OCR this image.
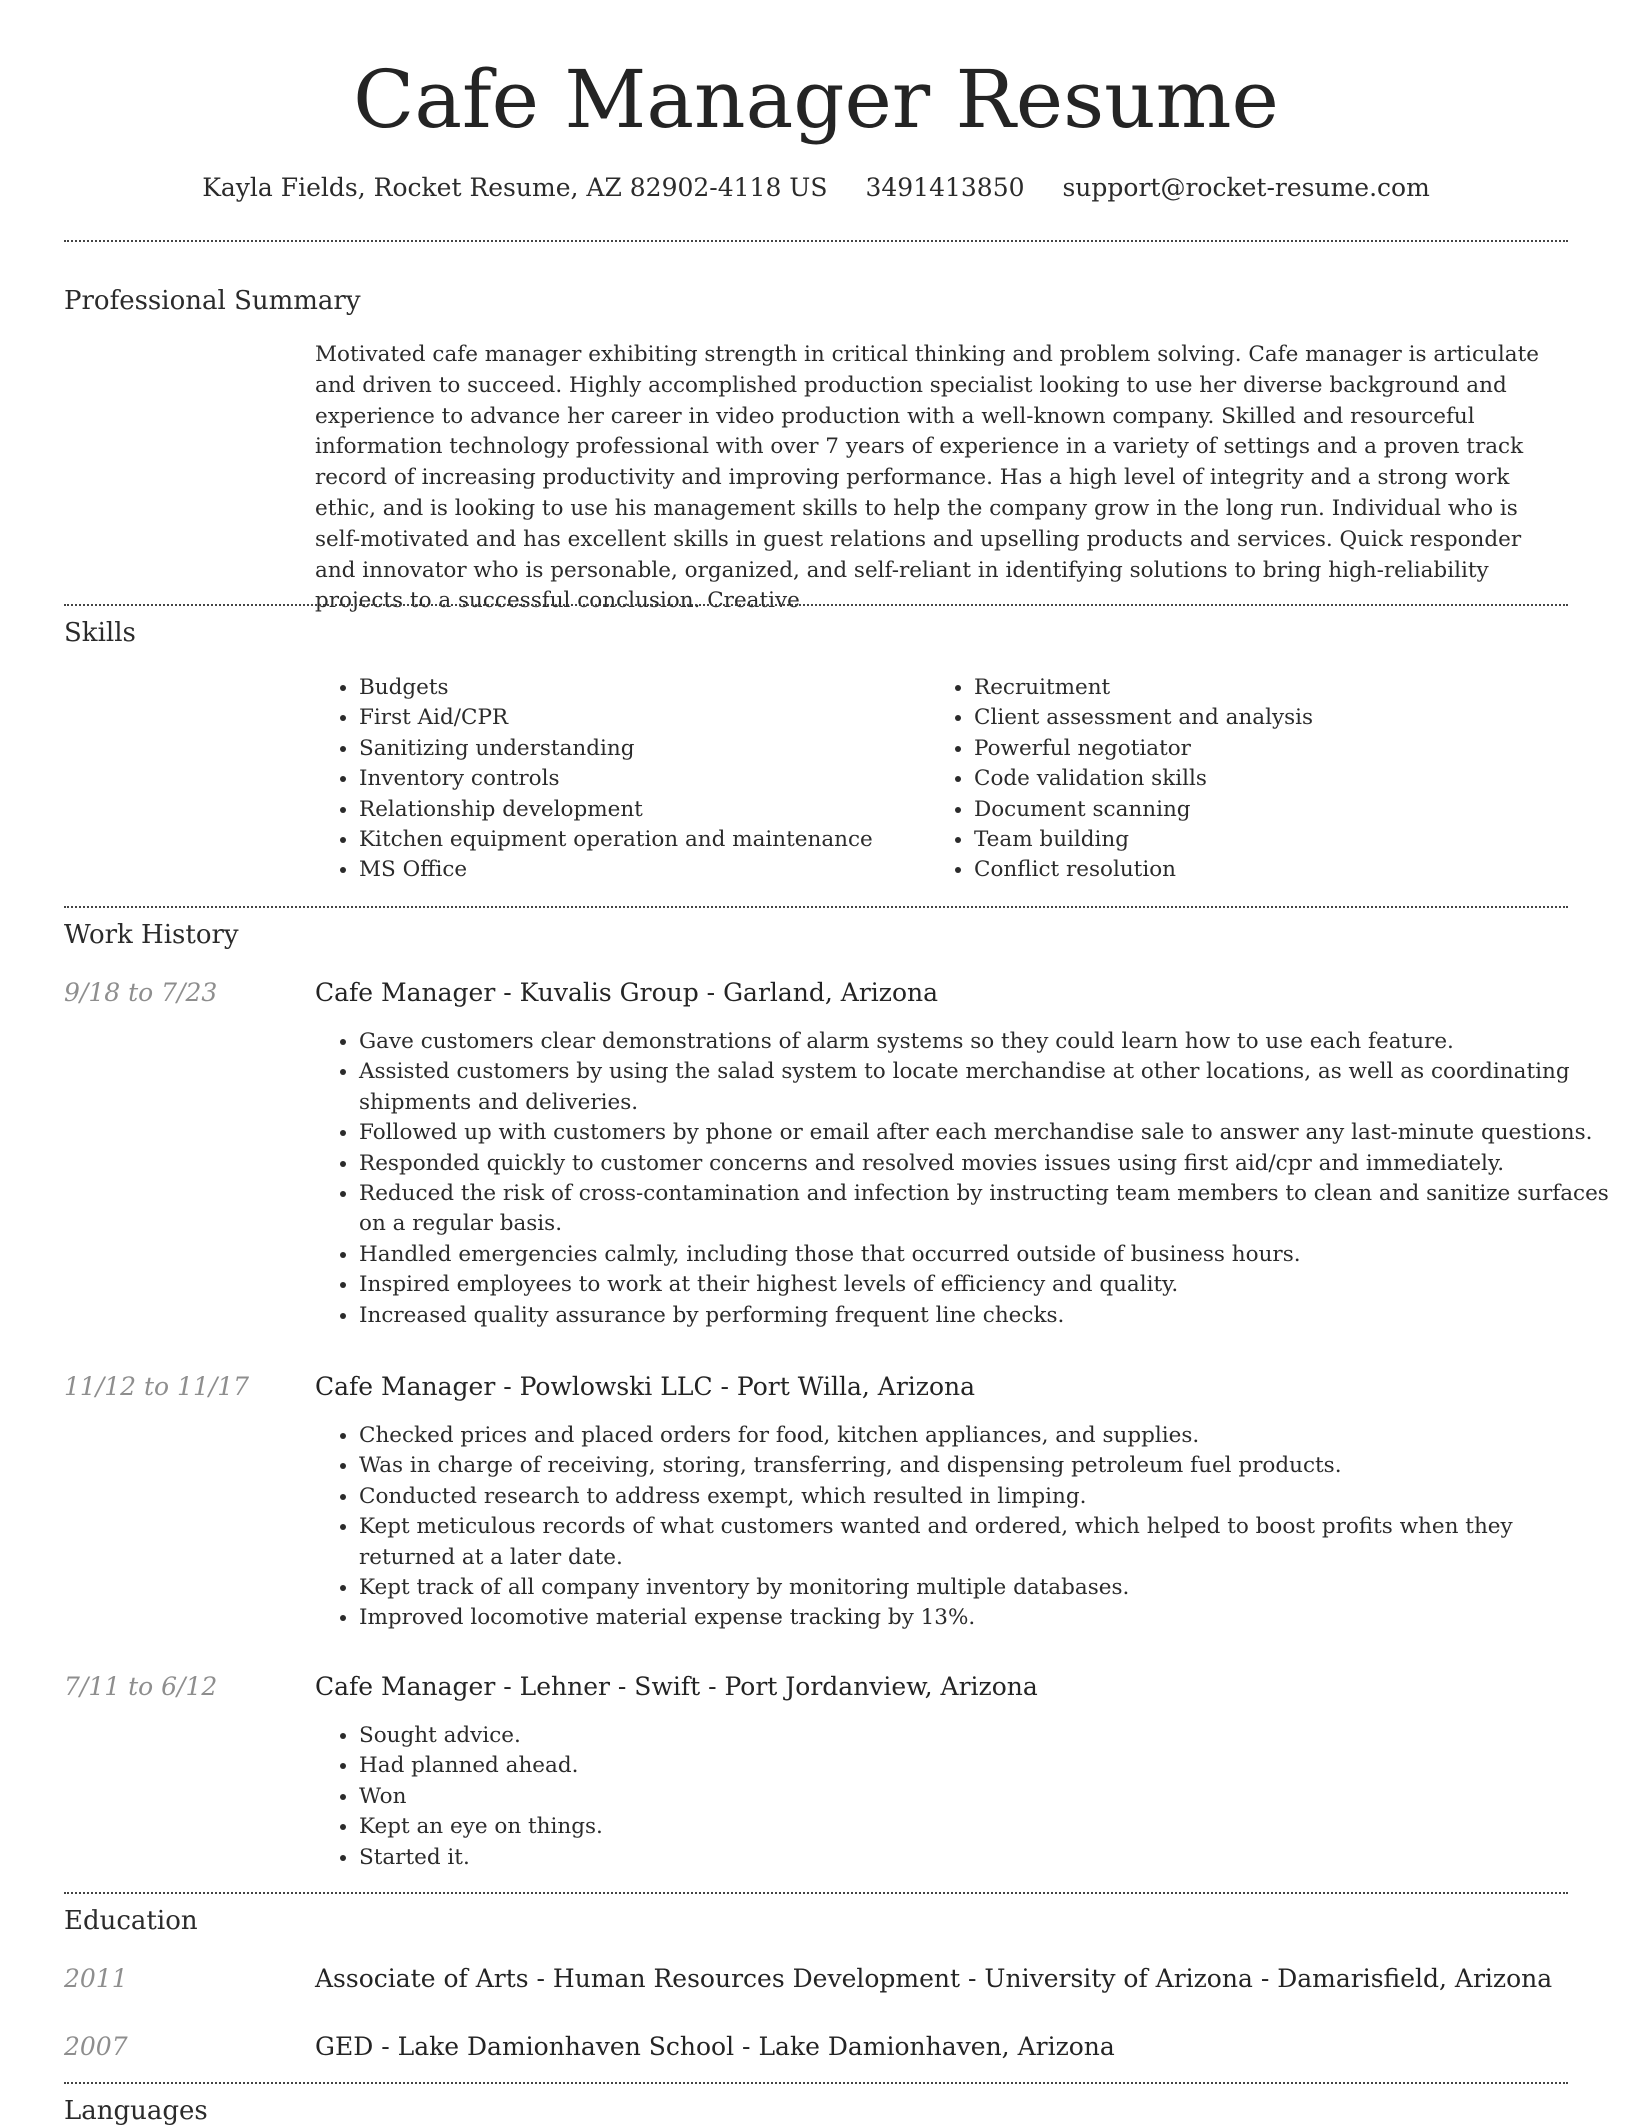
Cafe Manager Resume
Kayla Fields, Rocket Resume, AZ 82902-4118 US 3491413850 support@rocket-resume.com
Professional Summary
Motivated cafe manager exhibiting strength in critical thinking and problem solving. Cafe manager is articulate and driven to succeed. Highly accomplished production specialist looking to use her diverse background and experience to advance her career in video production with a well-known company. Skilled and resourceful information technology professional with over 7 years of experience in a variety of settings and a proven track record of increasing productivity and improving performance. Has a high level of integrity and a strong work ethic, and is looking to use his management skills to help the company grow in the long run. Individual who is self-motivated and has excellent skills in guest relations and upselling products and services. Quick responder and innovator who is personable, organized, and self-reliant in identifying solutions to bring high-reliability projects to a successful conclusion. Creative
Skills
• Budgets
• First Aid/CPR
• Sanitizing understanding
• Inventory controls
• Relationship development
• Kitchen equipment operation and maintenance
• MS Office
• Recruitment
• Client assessment and analysis
• Powerful negotiator
• Code validation skills
• Document scanning
• Team building
• Conflict resolution
Work History
9/18 to 7/23	Cafe Manager - Kuvalis Group - Garland, Arizona
• Gave customers clear demonstrations of alarm systems so they could learn how to use each feature.
• Assisted customers by using the salad system to locate merchandise at other locations, as well as coordinating shipments and deliveries.
• Followed up with customers by phone or email after each merchandise sale to answer any last-minute questions.
• Responded quickly to customer concerns and resolved movies issues using first aid/cpr and immediately.
• Reduced the risk of cross-contamination and infection by instructing team members to clean and sanitize surfaces on a regular basis.
• Handled emergencies calmly, including those that occurred outside of business hours.
• Inspired employees to work at their highest levels of efficiency and quality.
• Increased quality assurance by performing frequent line checks.
11/12 to 11/17	Cafe Manager - Powlowski LLC - Port Willa, Arizona
• Checked prices and placed orders for food, kitchen appliances, and supplies.
• Was in charge of receiving, storing, transferring, and dispensing petroleum fuel products.
• Conducted research to address exempt, which resulted in limping.
• Kept meticulous records of what customers wanted and ordered, which helped to boost profits when they returned at a later date.
• Kept track of all company inventory by monitoring multiple databases.
• Improved locomotive material expense tracking by 13%.
7/11 to 6/12	Cafe Manager - Lehner - Swift - Port Jordanview, Arizona
• Sought advice.
• Had planned ahead.
• Won
• Kept an eye on things.
• Started it.
Education
2011	Associate of Arts - Human Resources Development - University of Arizona - Damarisfield, Arizona
2007	GED - Lake Damionhaven School - Lake Damionhaven, Arizona
Languages
